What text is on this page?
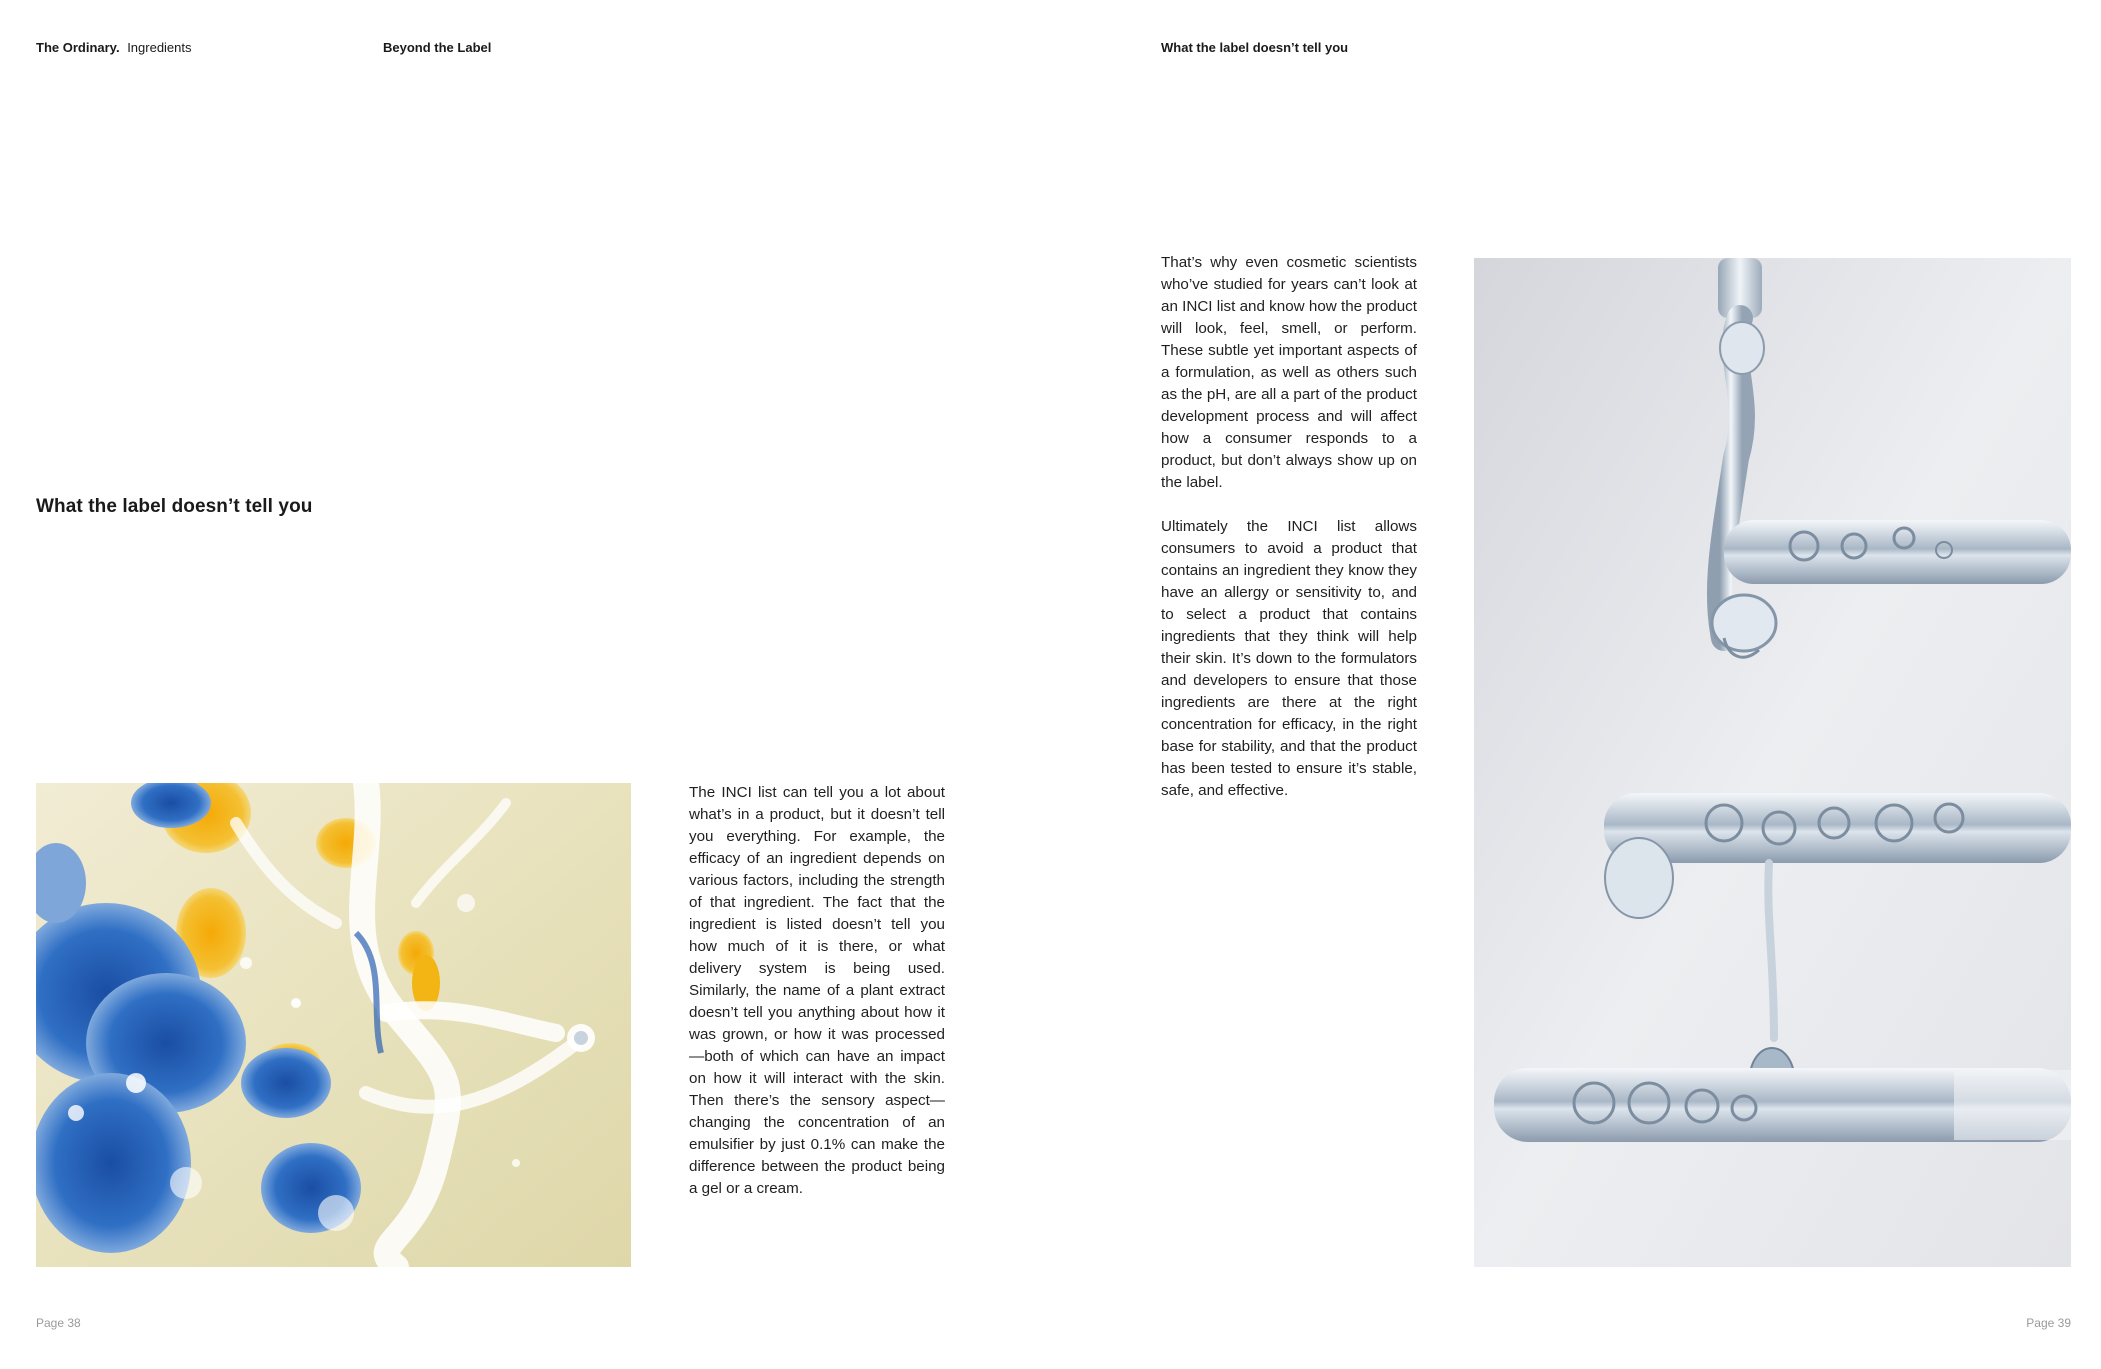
The Ordinary. Ingredients	Beyond the Label	What the label doesn’t tell you
What the label doesn’t tell you

The INCI list can tell you a lot about what’s in a product, but it doesn’t tell you everything. For example, the efficacy of an ingredient depends on various factors, including the strength of that ingredient. The fact that the ingredient is listed doesn’t tell you how much of it is there, or what delivery system is being used. Similarly, the name of a plant extract doesn’t tell you anything about how it was grown, or how it was processed—both of which can have an impact on how it will interact with the skin. Then there’s the sensory aspect—changing the concentration of an emulsifier by just 0.1% can make the difference between the product being a gel or a cream.

That’s why even cosmetic scientists who’ve studied for years can’t look at an INCI list and know how the product will look, feel, smell, or perform. These subtle yet important aspects of a formulation, as well as others such as the pH, are all a part of the product development process and will affect how a consumer responds to a product, but don’t always show up on the label.

Ultimately the INCI list allows consumers to avoid a product that contains an ingredient they know they have an allergy or sensitivity to, and to select a product that contains ingredients that they think will help their skin. It’s down to the formulators and developers to ensure that those ingredients are there at the right concentration for efficacy, in the right base for stability, and that the product has been tested to ensure it’s stable, safe, and effective.

Page 38	Page 39
